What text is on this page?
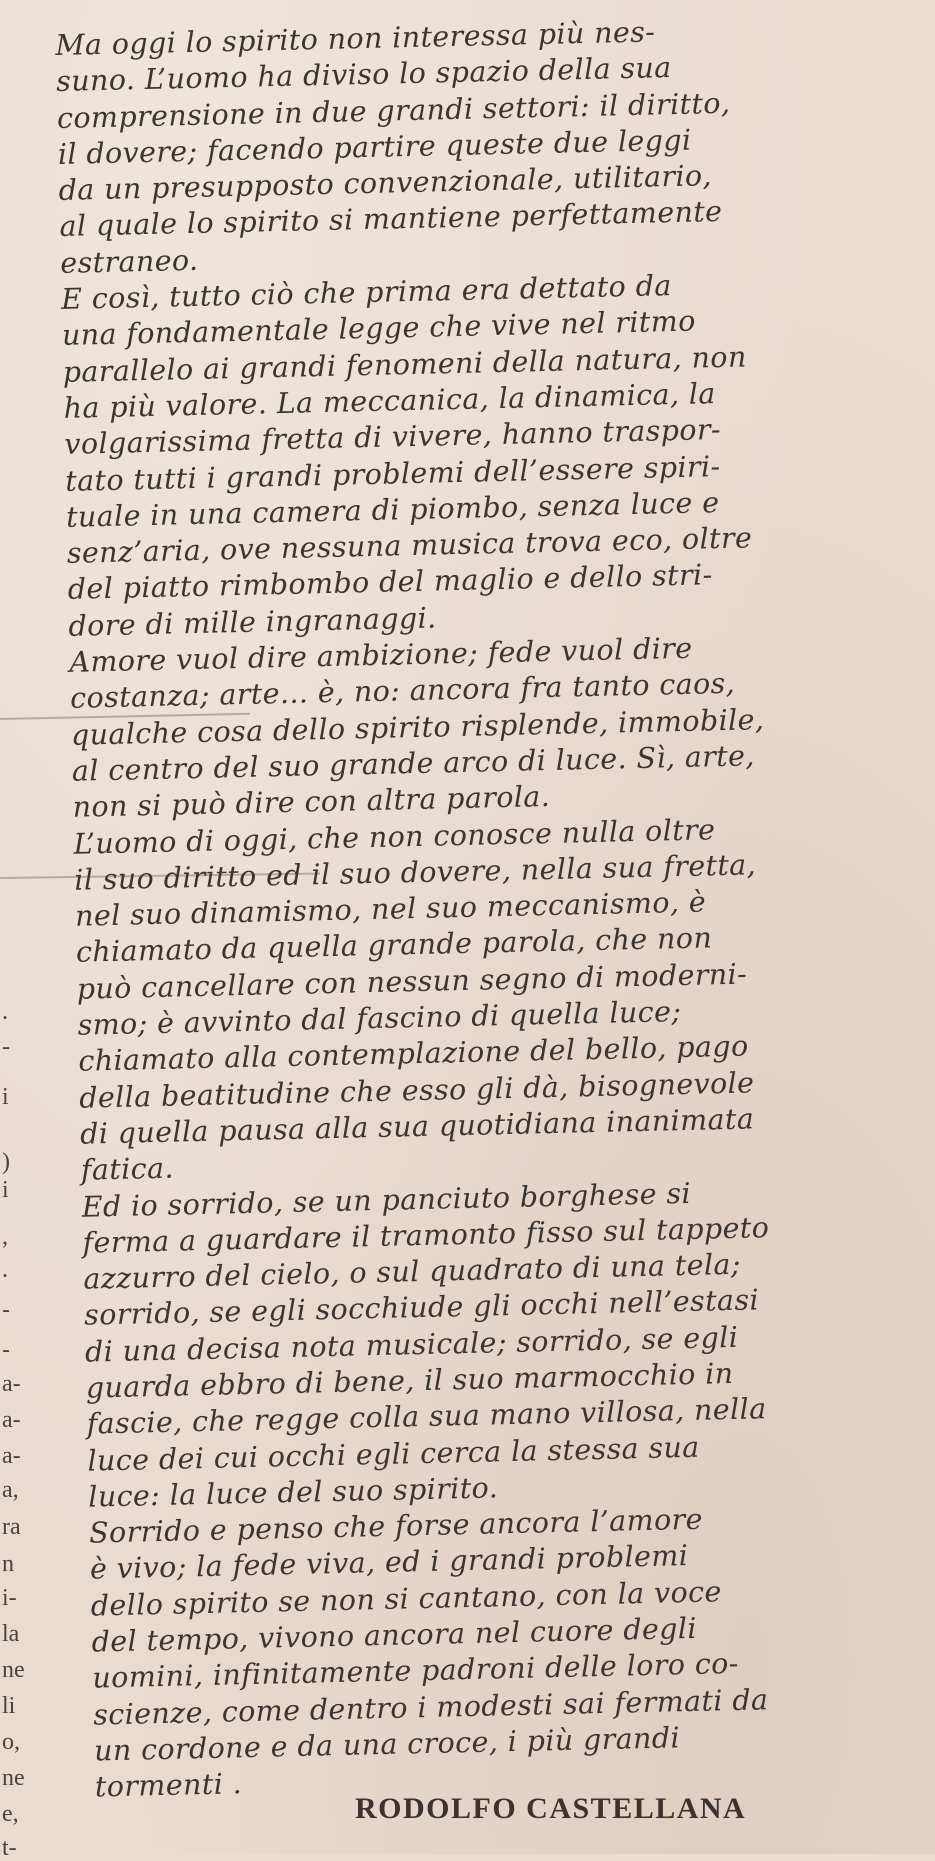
.
-
i
)
i
,
.
-
-
a-
a-
a-
a,
ra
n
i-
la
ne
li
o,
ne
e,
t-

Ma oggi lo spirito non interessa più nes-
suno. L’uomo ha diviso lo spazio della sua
comprensione in due grandi settori: il diritto,
il dovere; facendo partire queste due leggi
da un presupposto convenzionale, utilitario,
al quale lo spirito si mantiene perfettamente
estraneo.

E così, tutto ciò che prima era dettato da
una fondamentale legge che vive nel ritmo
parallelo ai grandi fenomeni della natura, non
ha più valore. La meccanica, la dinamica, la
volgarissima fretta di vivere, hanno traspor-
tato tutti i grandi problemi dell’essere spiri-
tuale in una camera di piombo, senza luce e
senz’aria, ove nessuna musica trova eco, oltre
del piatto rimbombo del maglio e dello stri-
dore di mille ingranaggi.

Amore vuol dire ambizione; fede vuol dire
costanza; arte... è, no: ancora fra tanto caos,
qualche cosa dello spirito risplende, immobile,
al centro del suo grande arco di luce. Sì, arte,
non si può dire con altra parola.

L’uomo di oggi, che non conosce nulla oltre
il suo diritto ed il suo dovere, nella sua fretta,
nel suo dinamismo, nel suo meccanismo, è
chiamato da quella grande parola, che non
può cancellare con nessun segno di moderni-
smo; è avvinto dal fascino di quella luce;
chiamato alla contemplazione del bello, pago
della beatitudine che esso gli dà, bisognevole
di quella pausa alla sua quotidiana inanimata
fatica.

Ed io sorrido, se un panciuto borghese si
ferma a guardare il tramonto fisso sul tappeto
azzurro del cielo, o sul quadrato di una tela;
sorrido, se egli socchiude gli occhi nell’estasi
di una decisa nota musicale; sorrido, se egli
guarda ebbro di bene, il suo marmocchio in
fascie, che regge colla sua mano villosa, nella
luce dei cui occhi egli cerca la stessa sua
luce: la luce del suo spirito.

Sorrido e penso che forse ancora l’amore
è vivo; la fede viva, ed i grandi problemi
dello spirito se non si cantano, con la voce
del tempo, vivono ancora nel cuore degli
uomini, infinitamente padroni delle loro co-
scienze, come dentro i modesti sai fermati da
un cordone e da una croce, i più grandi
tormenti .

RODOLFO CASTELLANA
